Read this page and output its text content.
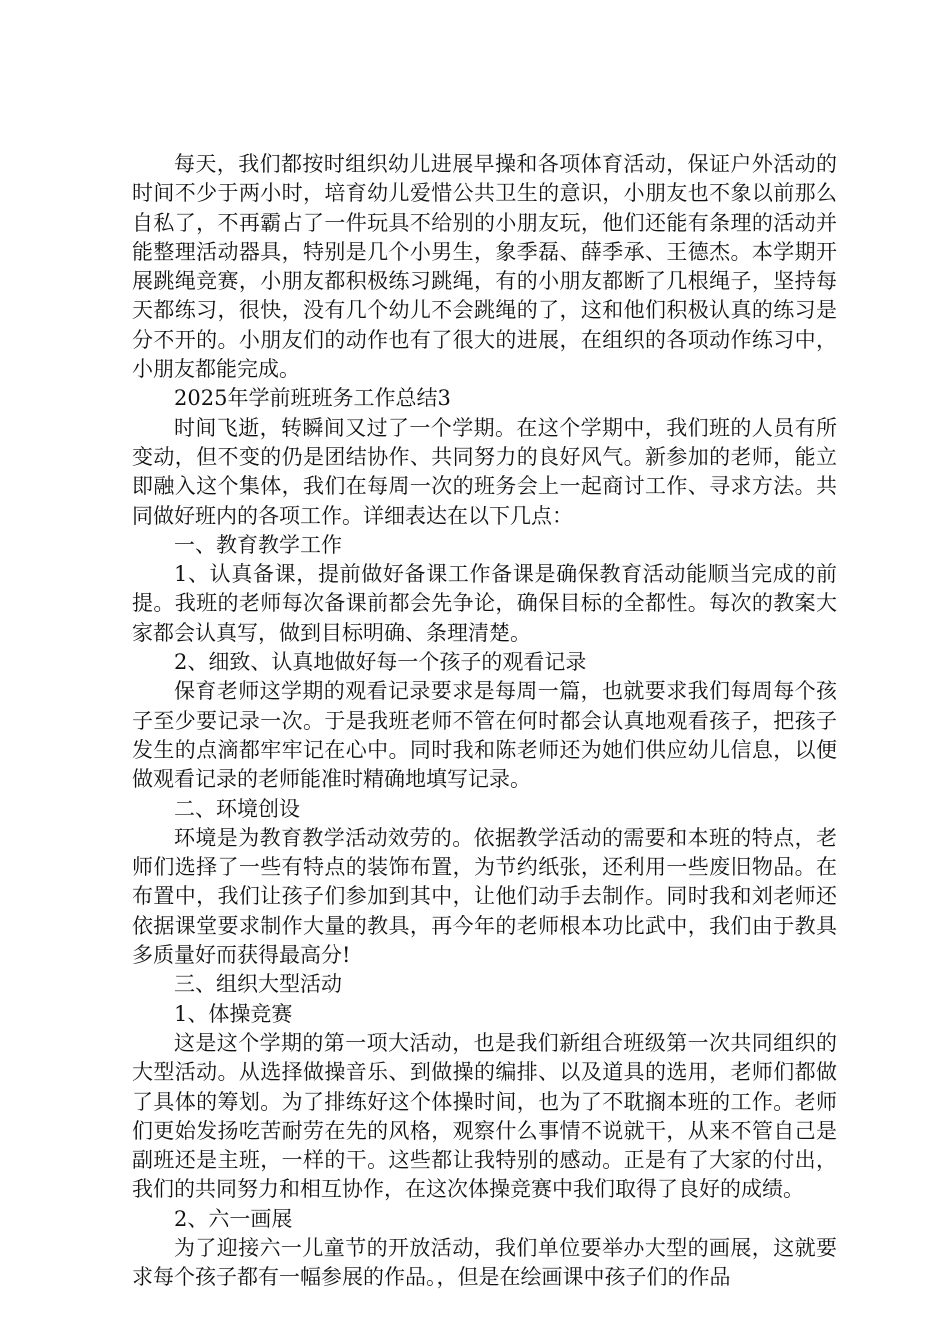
每天，我们都按时组织幼儿进展早操和各项体育活动，保证户外活动的时间不少于两小时，培育幼儿爱惜公共卫生的意识，小朋友也不象以前那么自私了，不再霸占了一件玩具不给别的小朋友玩，他们还能有条理的活动并能整理活动器具，特别是几个小男生，象季磊、薛季承、王德杰。本学期开展跳绳竞赛，小朋友都积极练习跳绳，有的小朋友都断了几根绳子，坚持每天都练习，很快，没有几个幼儿不会跳绳的了，这和他们积极认真的练习是分不开的。小朋友们的动作也有了很大的进展，在组织的各项动作练习中，小朋友都能完成。

2025年学前班班务工作总结3

时间飞逝，转瞬间又过了一个学期。在这个学期中，我们班的人员有所变动，但不变的仍是团结协作、共同努力的良好风气。新参加的老师，能立即融入这个集体，我们在每周一次的班务会上一起商讨工作、寻求方法。共同做好班内的各项工作。详细表达在以下几点：

一、教育教学工作

1、认真备课，提前做好备课工作备课是确保教育活动能顺当完成的前提。我班的老师每次备课前都会先争论，确保目标的全都性。每次的教案大家都会认真写，做到目标明确、条理清楚。

2、细致、认真地做好每一个孩子的观看记录

保育老师这学期的观看记录要求是每周一篇，也就要求我们每周每个孩子至少要记录一次。于是我班老师不管在何时都会认真地观看孩子，把孩子发生的点滴都牢牢记在心中。同时我和陈老师还为她们供应幼儿信息，以便做观看记录的老师能准时精确地填写记录。

二、环境创设

环境是为教育教学活动效劳的。依据教学活动的需要和本班的特点，老师们选择了一些有特点的装饰布置，为节约纸张，还利用一些废旧物品。在布置中，我们让孩子们参加到其中，让他们动手去制作。同时我和刘老师还依据课堂要求制作大量的教具，再今年的老师根本功比武中，我们由于教具多质量好而获得最高分!

三、组织大型活动

1、体操竞赛

这是这个学期的第一项大活动，也是我们新组合班级第一次共同组织的大型活动。从选择做操音乐、到做操的编排、以及道具的选用，老师们都做了具体的筹划。为了排练好这个体操时间，也为了不耽搁本班的工作。老师们更始发扬吃苦耐劳在先的风格，观察什么事情不说就干，从来不管自己是副班还是主班，一样的干。这些都让我特别的感动。正是有了大家的付出，我们的共同努力和相互协作，在这次体操竞赛中我们取得了良好的成绩。

2、六一画展

为了迎接六一儿童节的开放活动，我们单位要举办大型的画展，这就要求每个孩子都有一幅参展的作品。，但是在绘画课中孩子们的作品
